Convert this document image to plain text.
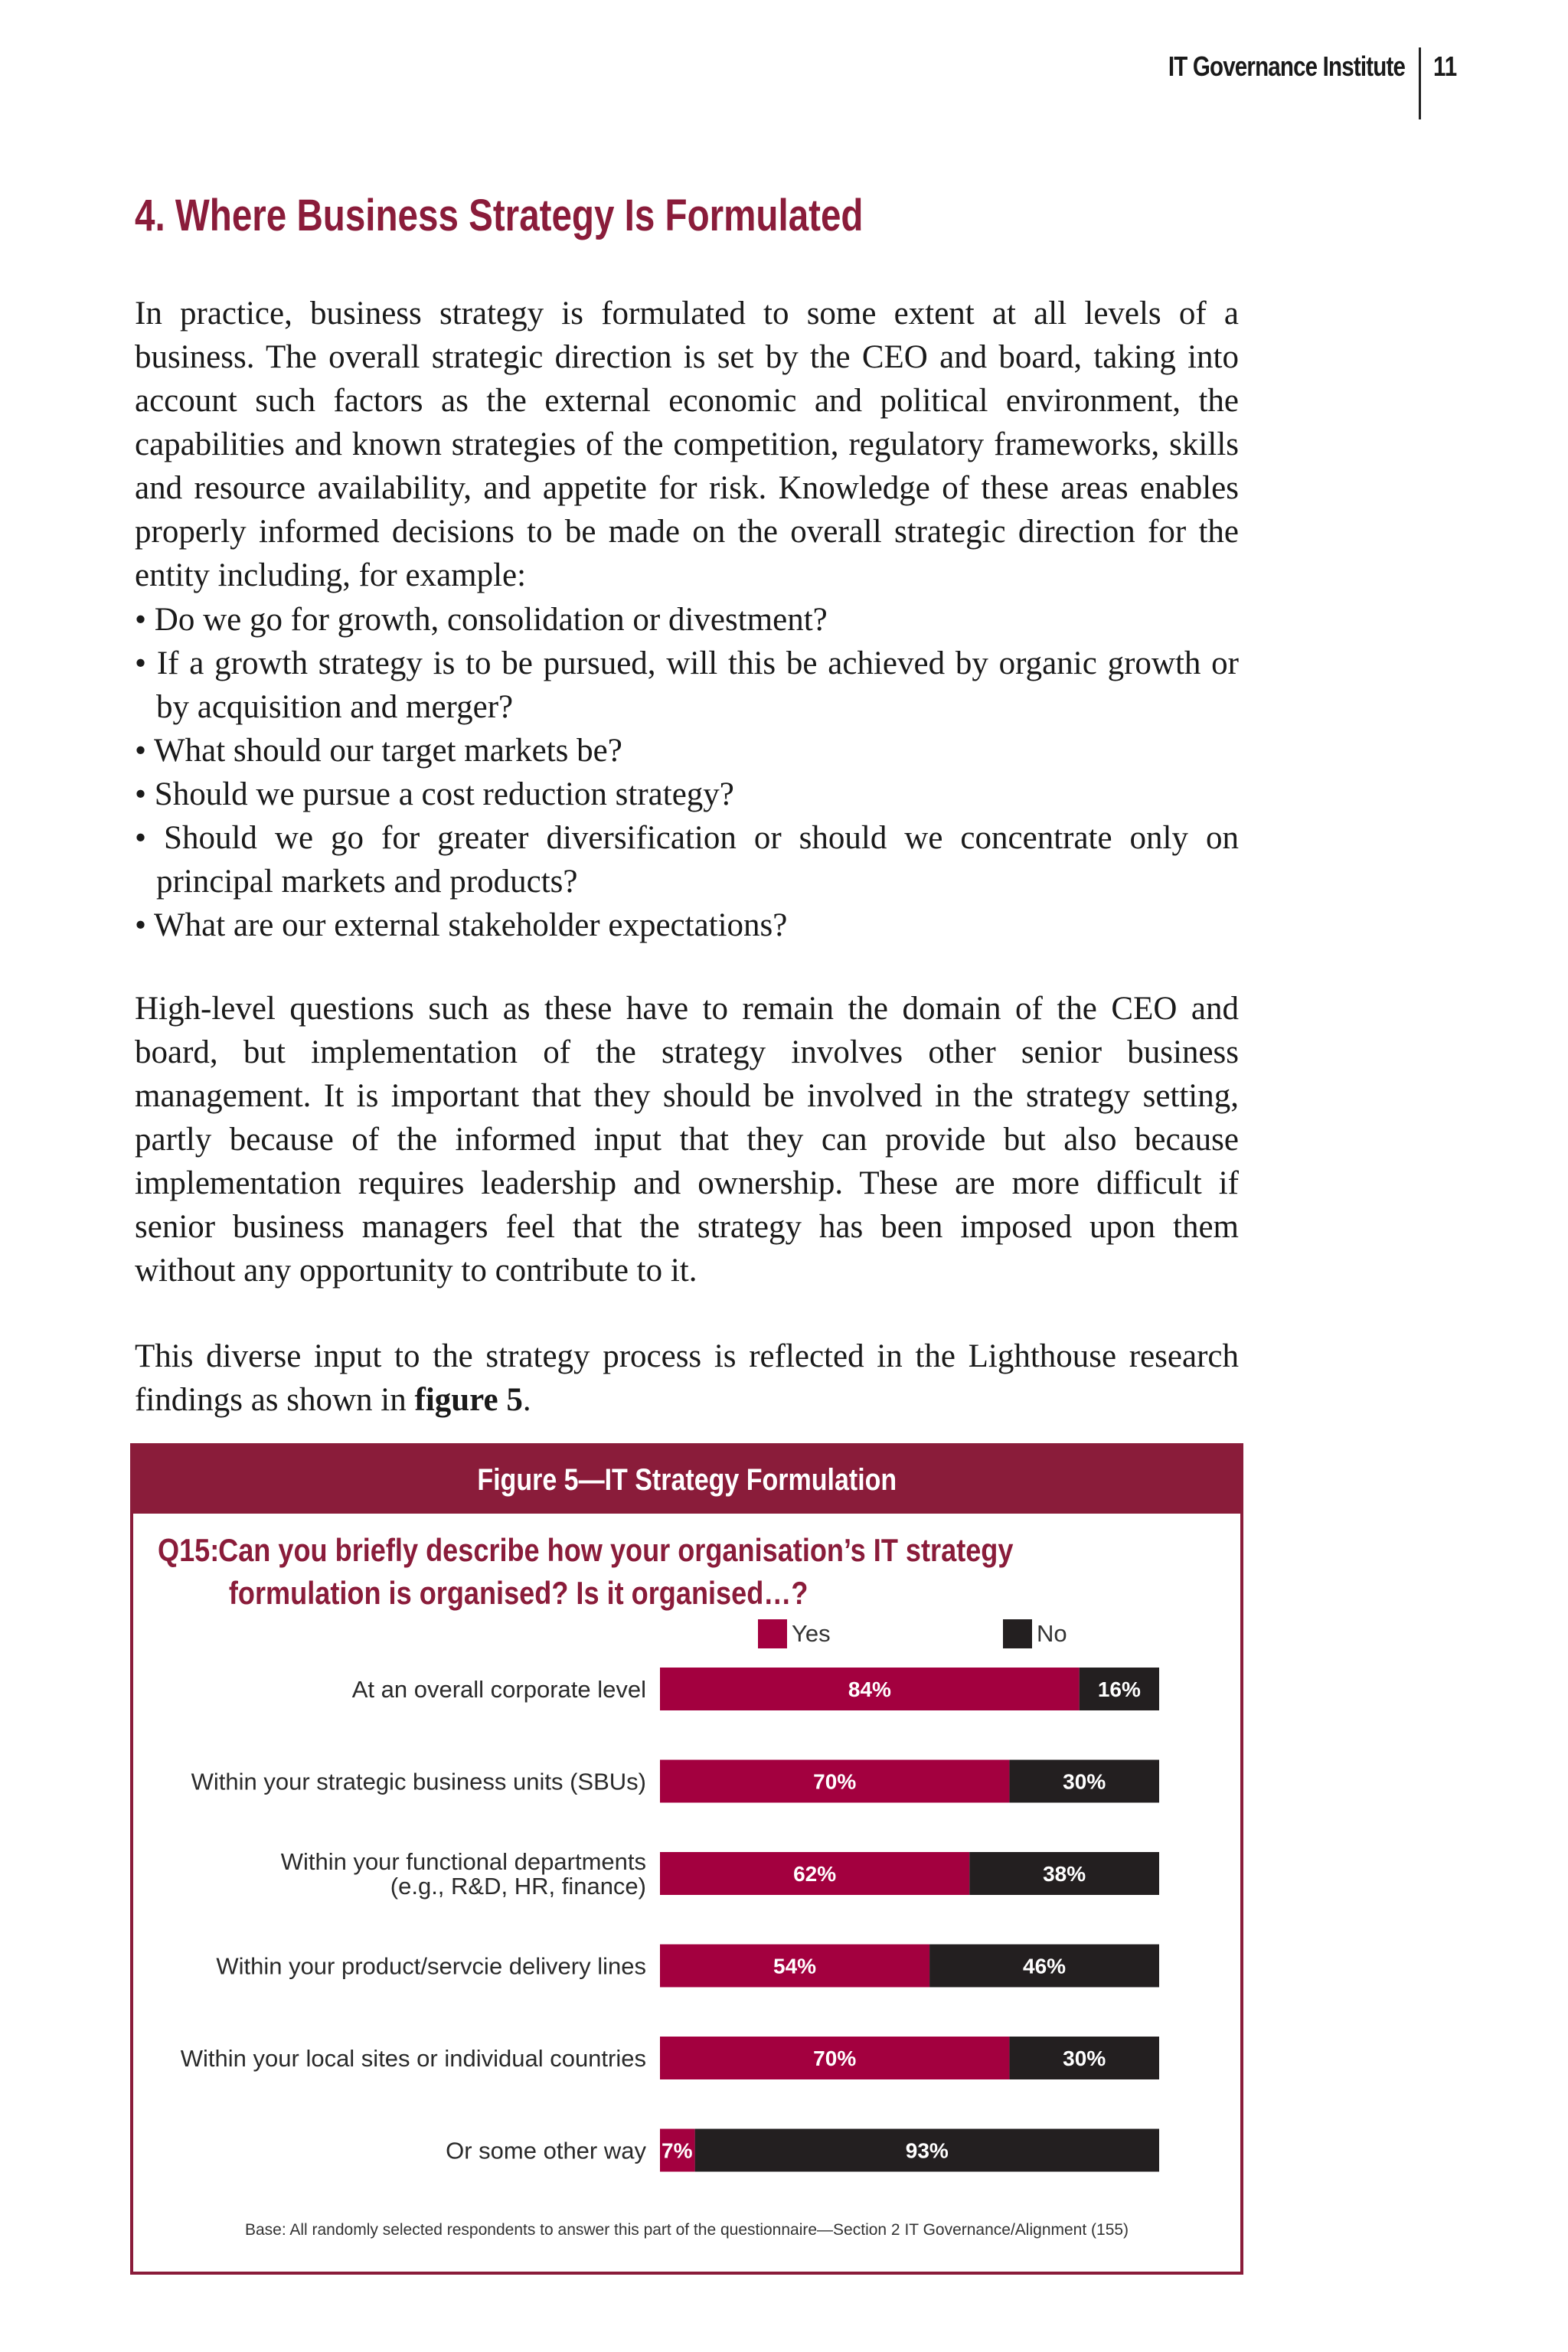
IT Governance Institute 11
4. Where Business Strategy Is Formulated

In practice, business strategy is formulated to some extent at all levels of a business. The overall strategic direction is set by the CEO and board, taking into account such factors as the external economic and political environment, the capabilities and known strategies of the competition, regulatory frameworks, skills and resource availability, and appetite for risk. Knowledge of these areas enables properly informed decisions to be made on the overall strategic direction for the entity including, for example:

• Do we go for growth, consolidation or divestment?
• If a growth strategy is to be pursued, will this be achieved by organic growth or by acquisition and merger?
• What should our target markets be?
• Should we pursue a cost reduction strategy?
• Should we go for greater diversification or should we concentrate only on principal markets and products?
• What are our external stakeholder expectations?

High-level questions such as these have to remain the domain of the CEO and board, but implementation of the strategy involves other senior business management. It is important that they should be involved in the strategy setting, partly because of the informed input that they can provide but also because implementation requires leadership and ownership. These are more difficult if senior business managers feel that the strategy has been imposed upon them without any opportunity to contribute to it.

This diverse input to the strategy process is reflected in the Lighthouse research findings as shown in figure 5.

Figure 5—IT Strategy Formulation
Q15:Can you briefly describe how your organisation’s IT strategy
formulation is organised? Is it organised…?
Yes	No
At an overall corporate level	84%	16%
Within your strategic business units (SBUs)	70%	30%
Within your functional departments
(e.g., R&D, HR, finance)	62%	38%
Within your product/servcie delivery lines	54%	46%
Within your local sites or individual countries	70%	30%
Or some other way 7%	93%
Base: All randomly selected respondents to answer this part of the questionnaire—Section 2 IT Governance/Alignment (155)
